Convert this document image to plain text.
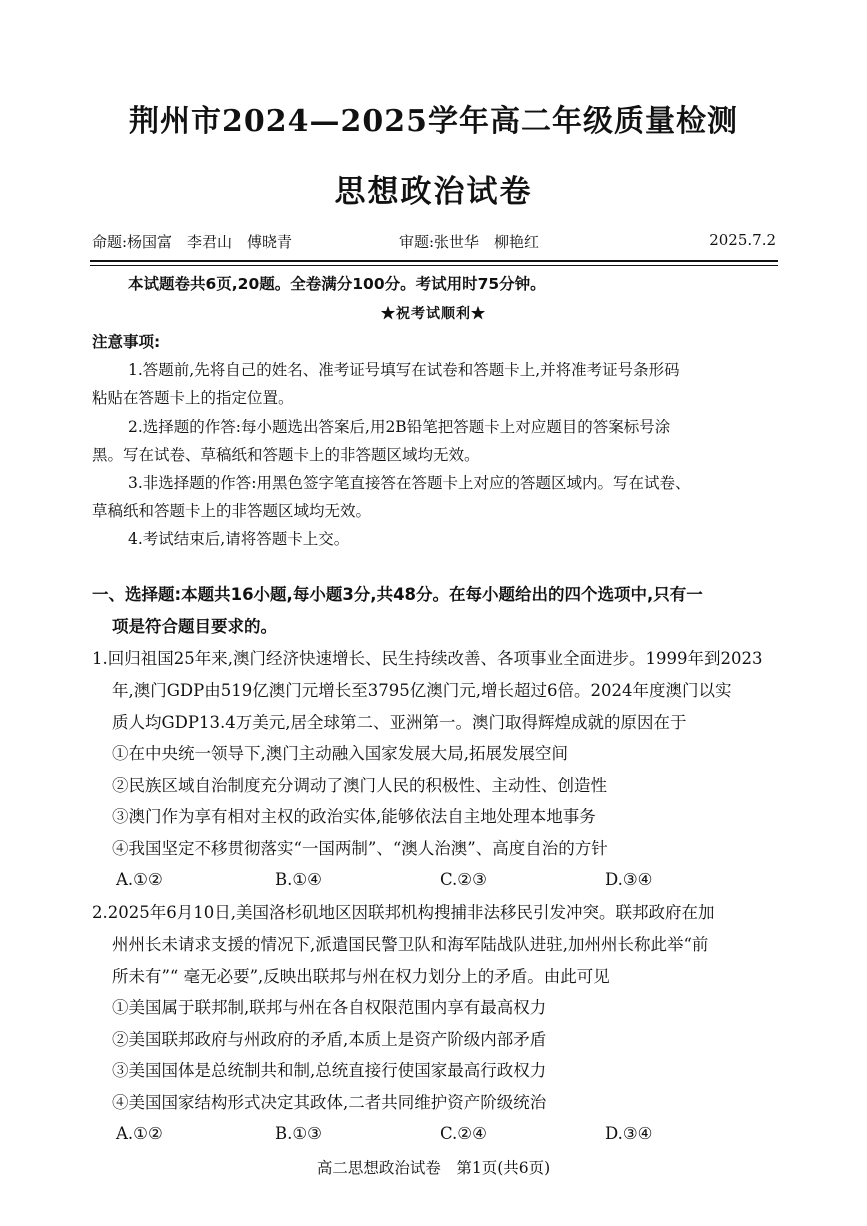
荆州市2024—2025学年高二年级质量检测
思想政治试卷
命题:杨国富　李君山　傅晓青	审题:张世华　柳艳红	2025.7.2
本试题卷共6页,20题。全卷满分100分。考试用时75分钟。
★祝考试顺利★
注意事项:
1.答题前,先将自己的姓名、准考证号填写在试卷和答题卡上,并将准考证号条形码
粘贴在答题卡上的指定位置。
2.选择题的作答:每小题选出答案后,用2B铅笔把答题卡上对应题目的答案标号涂
黑。写在试卷、草稿纸和答题卡上的非答题区域均无效。
3.非选择题的作答:用黑色签字笔直接答在答题卡上对应的答题区域内。写在试卷、
草稿纸和答题卡上的非答题区域均无效。
4.考试结束后,请将答题卡上交。
一、选择题:本题共16小题,每小题3分,共48分。在每小题给出的四个选项中,只有一
项是符合题目要求的。
1.回归祖国25年来,澳门经济快速增长、民生持续改善、各项事业全面进步。1999年到2023
年,澳门GDP由519亿澳门元增长至3795亿澳门元,增长超过6倍。2024年度澳门以实
质人均GDP13.4万美元,居全球第二、亚洲第一。澳门取得辉煌成就的原因在于
①在中央统一领导下,澳门主动融入国家发展大局,拓展发展空间
②民族区域自治制度充分调动了澳门人民的积极性、主动性、创造性
③澳门作为享有相对主权的政治实体,能够依法自主地处理本地事务
④我国坚定不移贯彻落实“一国两制”、“澳人治澳”、高度自治的方针
A.①②	B.①④	C.②③	D.③④
2.2025年6月10日,美国洛杉矶地区因联邦机构搜捕非法移民引发冲突。联邦政府在加
州州长未请求支援的情况下,派遣国民警卫队和海军陆战队进驻,加州州长称此举“前
所未有”“ 毫无必要”,反映出联邦与州在权力划分上的矛盾。由此可见
①美国属于联邦制,联邦与州在各自权限范围内享有最高权力
②美国联邦政府与州政府的矛盾,本质上是资产阶级内部矛盾
③美国国体是总统制共和制,总统直接行使国家最高行政权力
④美国国家结构形式决定其政体,二者共同维护资产阶级统治
A.①②	B.①③	C.②④	D.③④
高二思想政治试卷　第1页(共6页)
